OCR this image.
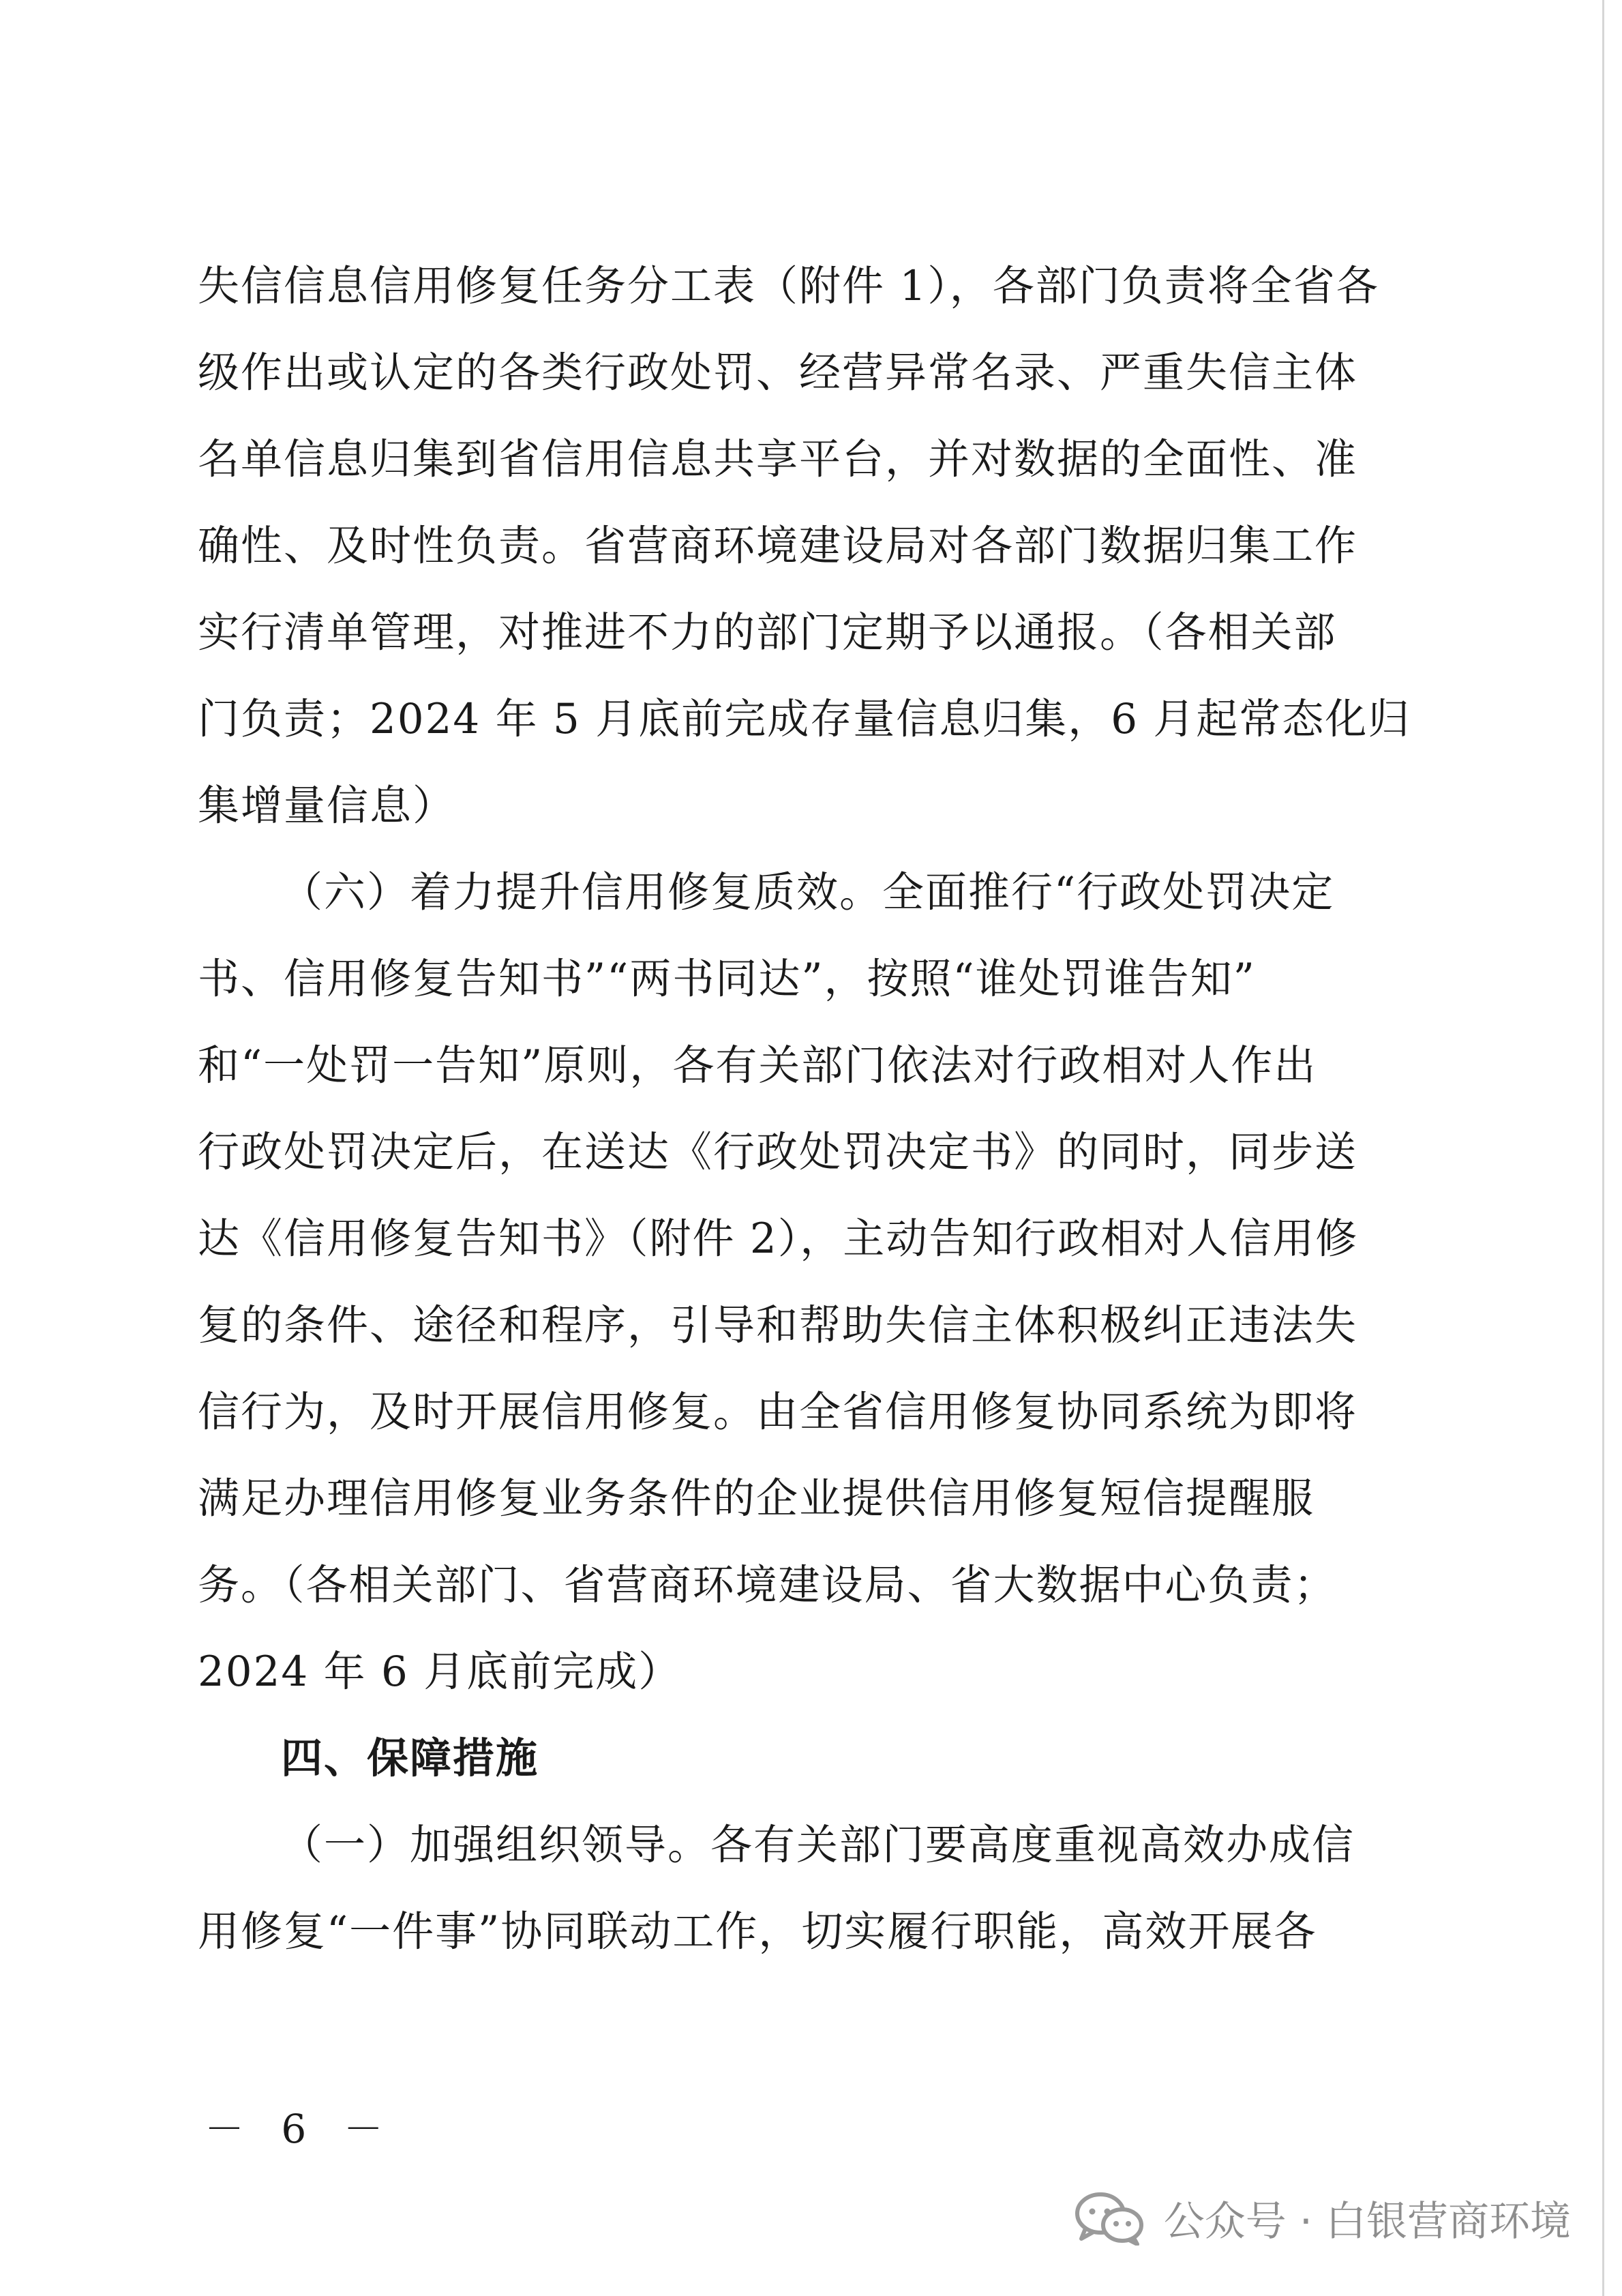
失信信息信用修复任务分工表（附件 1），各部门负责将全省各
级作出或认定的各类行政处罚、经营异常名录、严重失信主体
名单信息归集到省信用信息共享平台，并对数据的全面性、准
确性、及时性负责。省营商环境建设局对各部门数据归集工作
实行清单管理，对推进不力的部门定期予以通报。（各相关部
门负责；2024 年 5 月底前完成存量信息归集，6 月起常态化归
集增量信息）
（六）着力提升信用修复质效。全面推行“行政处罚决定
书、信用修复告知书”“两书同达”，按照“谁处罚谁告知”
和“一处罚一告知”原则，各有关部门依法对行政相对人作出
行政处罚决定后，在送达《行政处罚决定书》的同时，同步送
达《信用修复告知书》（附件 2），主动告知行政相对人信用修
复的条件、途径和程序，引导和帮助失信主体积极纠正违法失
信行为，及时开展信用修复。由全省信用修复协同系统为即将
满足办理信用修复业务条件的企业提供信用修复短信提醒服
务。（各相关部门、省营商环境建设局、省大数据中心负责；
2024 年 6 月底前完成）
四、保障措施
（一）加强组织领导。各有关部门要高度重视高效办成信
用修复“一件事”协同联动工作，切实履行职能，高效开展各
－ 6 －
公众号 · 白银营商环境
